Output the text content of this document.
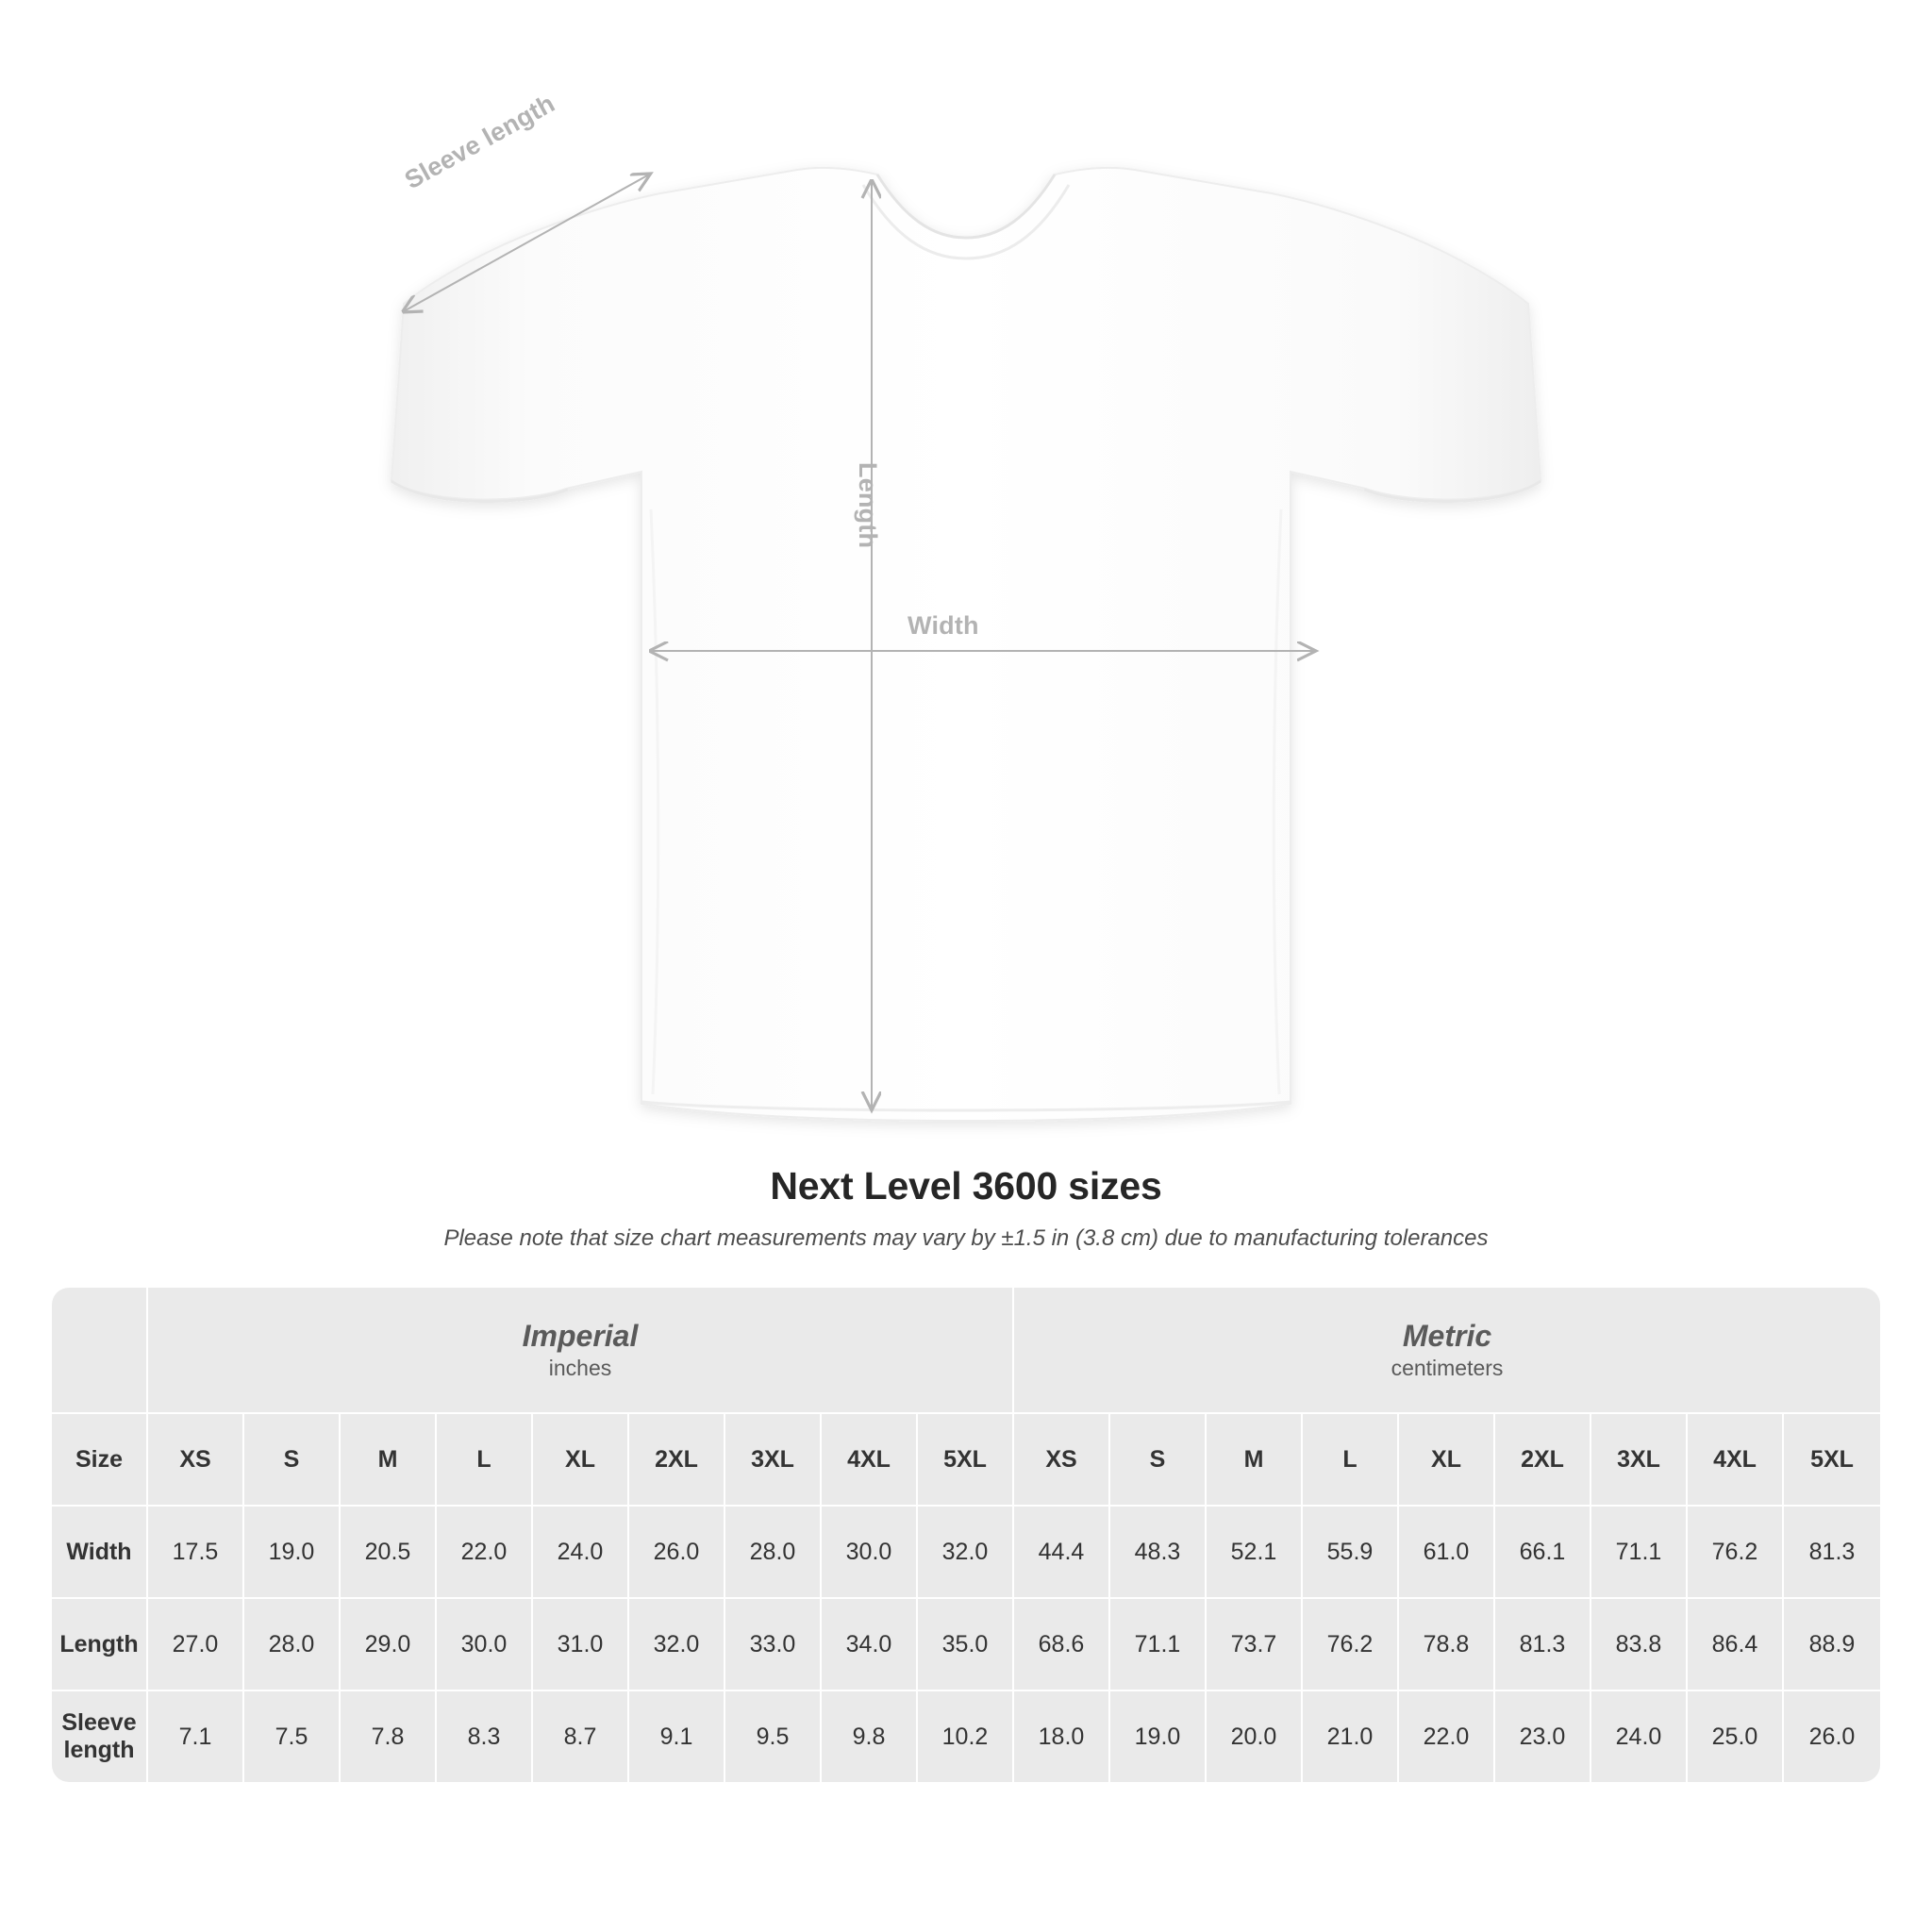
Sleeve length
Length
Width
Next Level 3600 sizes
Please note that size chart measurements may vary by ±1.5 in (3.8 cm) due to manufacturing tolerances

Imperial
inches

Metric
centimeters

Size	XS	S	M	L	XL	2XL	3XL	4XL	5XL	XS	S	M	L	XL	2XL	3XL	4XL	5XL
Width	17.5	19.0	20.5	22.0	24.0	26.0	28.0	30.0	32.0	44.4	48.3	52.1	55.9	61.0	66.1	71.1	76.2	81.3
Length	27.0	28.0	29.0	30.0	31.0	32.0	33.0	34.0	35.0	68.6	71.1	73.7	76.2	78.8	81.3	83.8	86.4	88.9
Sleeve length	7.1	7.5	7.8	8.3	8.7	9.1	9.5	9.8	10.2	18.0	19.0	20.0	21.0	22.0	23.0	24.0	25.0	26.0
